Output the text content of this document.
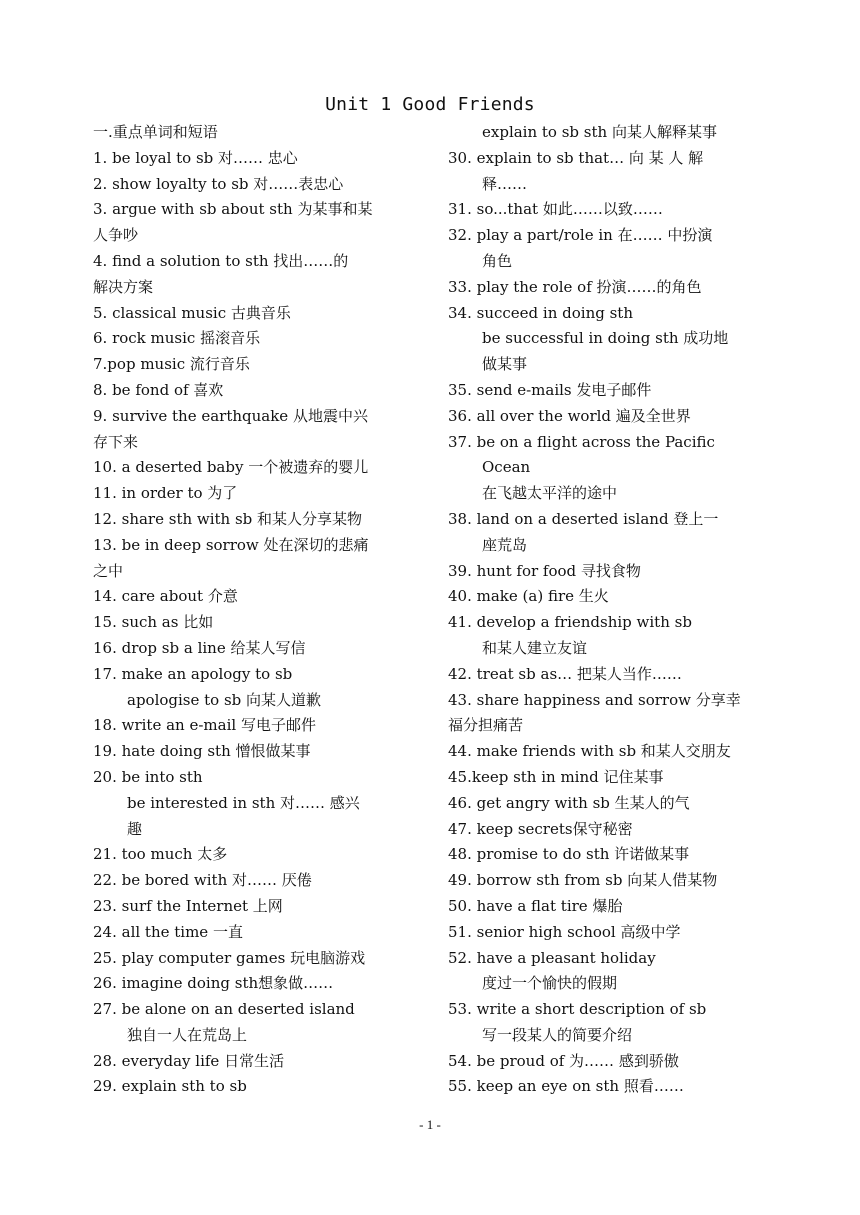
Unit 1 Good Friends
一.重点单词和短语
1. be loyal to sb 对…… 忠心
2. show loyalty to sb 对……表忠心
3. argue with sb about sth 为某事和某
人争吵
4. find a solution to sth 找出……的
解决方案
5. classical music 古典音乐
6. rock music 摇滚音乐
7.pop music 流行音乐
8. be fond of 喜欢
9. survive the earthquake 从地震中兴
存下来
10. a deserted baby 一个被遗弃的婴儿
11. in order to 为了
12. share sth with sb 和某人分享某物
13. be in deep sorrow 处在深切的悲痛
之中
14. care about 介意
15. such as 比如
16. drop sb a line 给某人写信
17. make an apology to sb
apologise to sb 向某人道歉
18. write an e-mail 写电子邮件
19. hate doing sth 憎恨做某事
20. be into sth
be interested in sth 对…… 感兴
趣
21. too much 太多
22. be bored with 对…… 厌倦
23. surf the Internet 上网
24. all the time 一直
25. play computer games 玩电脑游戏
26. imagine doing sth想象做……
27. be alone on an deserted island
独自一人在荒岛上
28. everyday life 日常生活
29. explain sth to sb
explain to sb sth 向某人解释某事
30. explain to sb that… 向 某 人 解
释……
31. so...that 如此……以致……
32. play a part/role in 在…… 中扮演
角色
33. play the role of 扮演……的角色
34. succeed in doing sth
be successful in doing sth 成功地
做某事
35. send e-mails 发电子邮件
36. all over the world 遍及全世界
37. be on a flight across the Pacific
Ocean
在飞越太平洋的途中
38. land on a deserted island 登上一
座荒岛
39. hunt for food 寻找食物
40. make (a) fire 生火
41. develop a friendship with sb
和某人建立友谊
42. treat sb as… 把某人当作……
43. share happiness and sorrow 分享幸
福分担痛苦
44. make friends with sb 和某人交朋友
45.keep sth in mind 记住某事
46. get angry with sb 生某人的气
47. keep secrets保守秘密
48. promise to do sth 许诺做某事
49. borrow sth from sb 向某人借某物
50. have a flat tire 爆胎
51. senior high school 高级中学
52. have a pleasant holiday
度过一个愉快的假期
53. write a short description of sb
写一段某人的简要介绍
54. be proud of 为…… 感到骄傲
55. keep an eye on sth 照看……
- 1 -
